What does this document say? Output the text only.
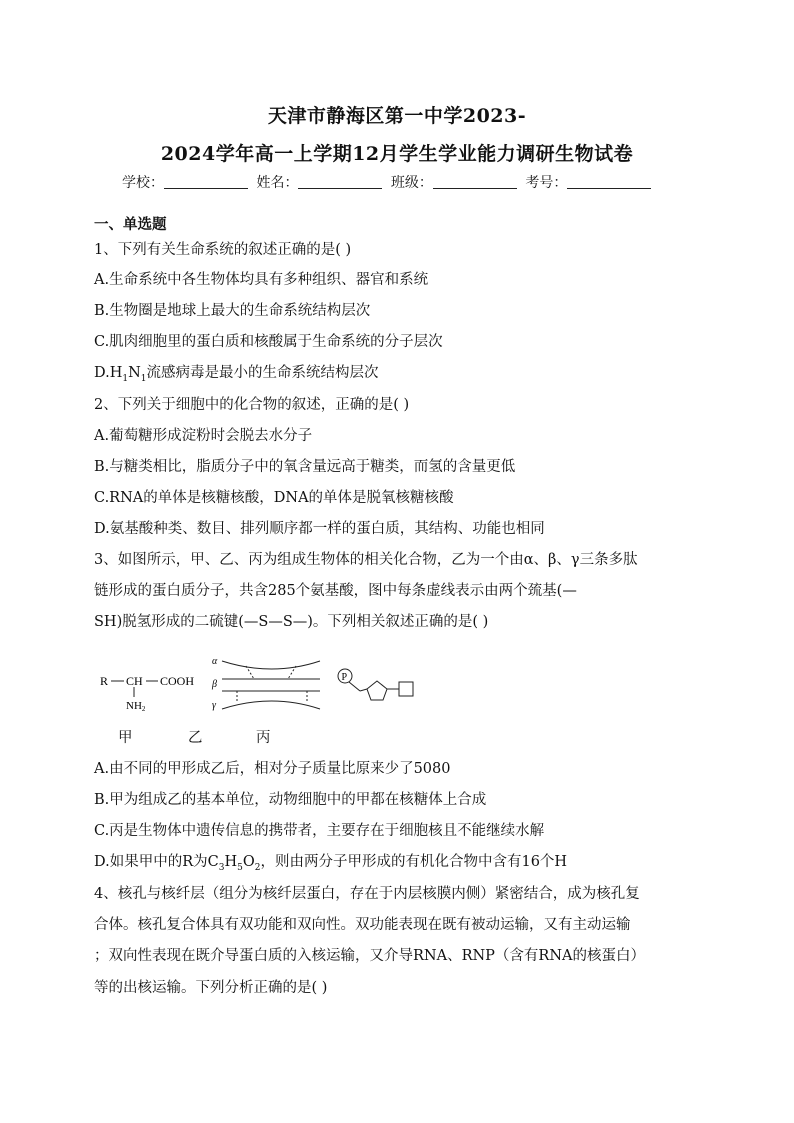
天津市静海区第一中学2023-
2024学年高一上学期12月学生学业能力调研生物试卷
学校：	姓名：	班级：	考号：
一、单选题
1、下列有关生命系统的叙述正确的是( )
A.生命系统中各生物体均具有多种组织、器官和系统
B.生物圈是地球上最大的生命系统结构层次
C.肌肉细胞里的蛋白质和核酸属于生命系统的分子层次
$D.H_1N_1$流感病毒是最小的生命系统结构层次
2、下列关于细胞中的化合物的叙述，正确的是( )
A.葡萄糖形成淀粉时会脱去水分子
B.与糖类相比，脂质分子中的氧含量远高于糖类，而氢的含量更低
C.RNA的单体是核糖核酸，DNA的单体是脱氧核糖核酸
D.氨基酸种类、数目、排列顺序都一样的蛋白质，其结构、功能也相同
3、如图所示，甲、乙、丙为组成生物体的相关化合物，乙为一个由α、β、γ三条多肽
链形成的蛋白质分子，共含285个氨基酸，图中每条虚线表示由两个巯基(—
SH)脱氢形成的二硫键(—S—S—)。下列相关叙述正确的是( )
R CH COOH
NH2
α
β
γ
P
甲	乙	丙
A.由不同的甲形成乙后，相对分子质量比原来少了5080
B.甲为组成乙的基本单位，动物细胞中的甲都在核糖体上合成
C.丙是生物体中遗传信息的携带者，主要存在于细胞核且不能继续水解
D.如果甲中的R为$C_3H_5O_2$，则由两分子甲形成的有机化合物中含有16个H
4、核孔与核纤层（组分为核纤层蛋白，存在于内层核膜内侧）紧密结合，成为核孔复
合体。核孔复合体具有双功能和双向性。双功能表现在既有被动运输，又有主动运输
；双向性表现在既介导蛋白质的入核运输，又介导RNA、RNP（含有RNA的核蛋白）
等的出核运输。下列分析正确的是( )
